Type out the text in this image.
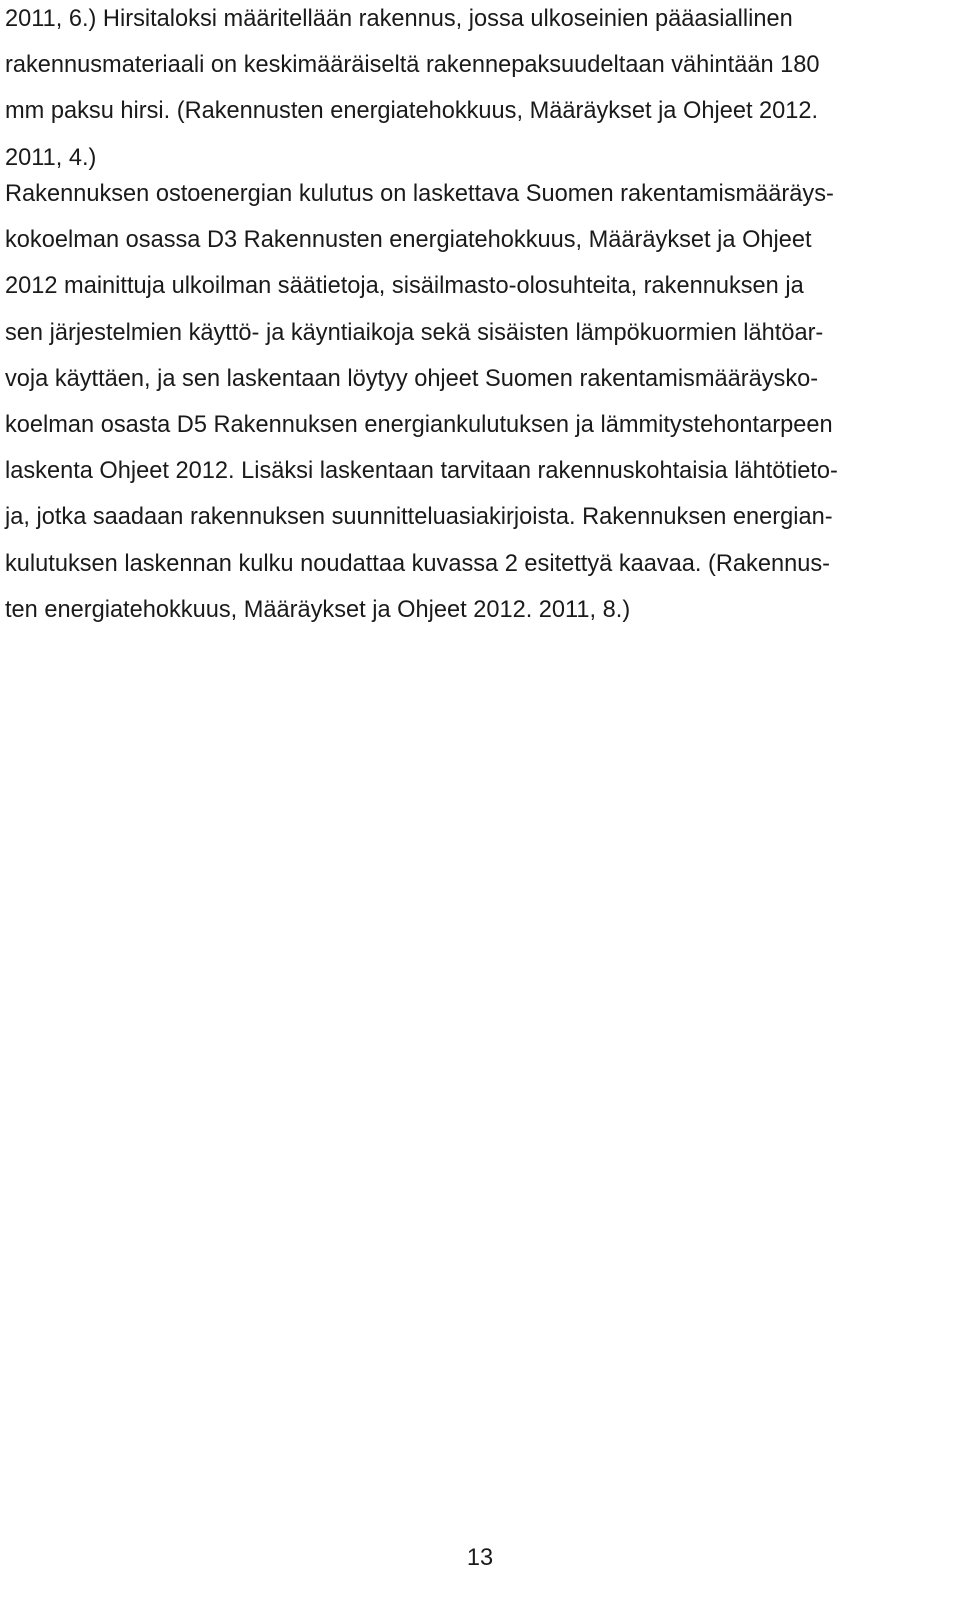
2011, 6.) Hirsitaloksi määritellään rakennus, jossa ulkoseinien pääasiallinen
rakennusmateriaali on keskimääräiseltä rakennepaksuudeltaan vähintään 180
mm paksu hirsi. (Rakennusten energiatehokkuus, Määräykset ja Ohjeet 2012.
2011, 4.)
Rakennuksen ostoenergian kulutus on laskettava Suomen rakentamismääräys-
kokoelman osassa D3 Rakennusten energiatehokkuus, Määräykset ja Ohjeet
2012 mainittuja ulkoilman säätietoja, sisäilmasto-olosuhteita, rakennuksen ja
sen järjestelmien käyttö- ja käyntiaikoja sekä sisäisten lämpökuormien lähtöar-
voja käyttäen, ja sen laskentaan löytyy ohjeet Suomen rakentamismääräysko-
koelman osasta D5 Rakennuksen energiankulutuksen ja lämmitystehontarpeen
laskenta Ohjeet 2012. Lisäksi laskentaan tarvitaan rakennuskohtaisia lähtötieto-
ja, jotka saadaan rakennuksen suunnitteluasiakirjoista. Rakennuksen energian-
kulutuksen laskennan kulku noudattaa kuvassa 2 esitettyä kaavaa. (Rakennus-
ten energiatehokkuus, Määräykset ja Ohjeet 2012. 2011, 8.)

13
